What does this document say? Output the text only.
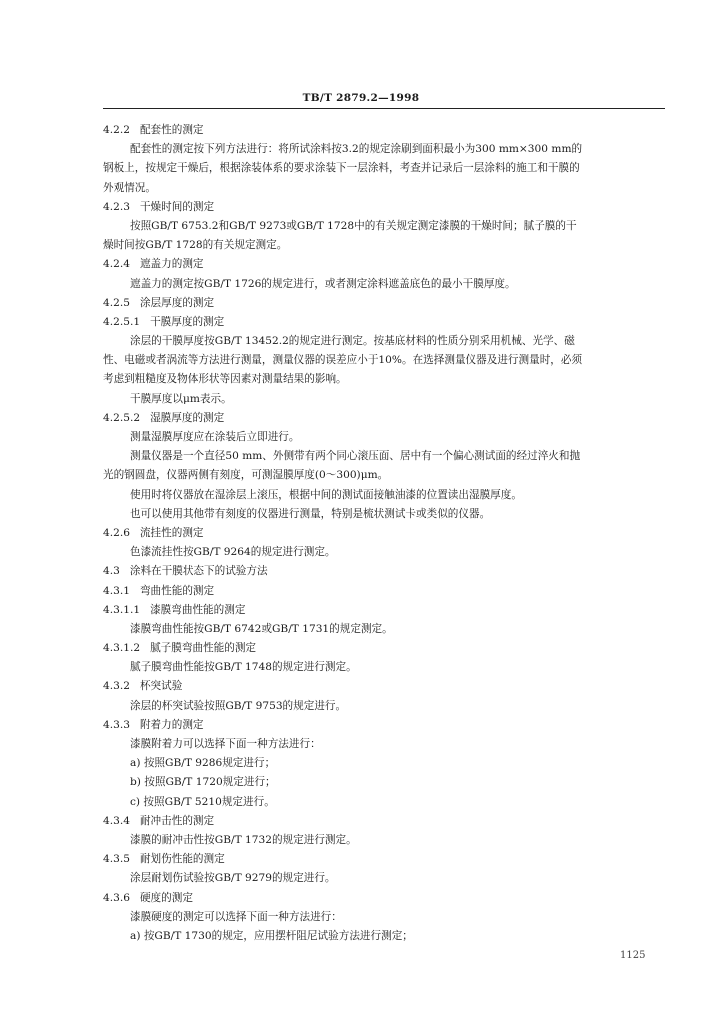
TB/T 2879.2—1998
4.2.2 配套性的测定
配套性的测定按下列方法进行：将所试涂料按3.2的规定涂刷到面积最小为300 mm×300 mm的
钢板上，按规定干燥后，根据涂装体系的要求涂装下一层涂料，考查并记录后一层涂料的施工和干膜的
外观情况。
4.2.3 干燥时间的测定
按照GB/T 6753.2和GB/T 9273或GB/T 1728中的有关规定测定漆膜的干燥时间；腻子膜的干
燥时间按GB/T 1728的有关规定测定。
4.2.4 遮盖力的测定
遮盖力的测定按GB/T 1726的规定进行，或者测定涂料遮盖底色的最小干膜厚度。
4.2.5 涂层厚度的测定
4.2.5.1 干膜厚度的测定
涂层的干膜厚度按GB/T 13452.2的规定进行测定。按基底材料的性质分别采用机械、光学、磁
性、电磁或者涡流等方法进行测量，测量仪器的误差应小于10%。在选择测量仪器及进行测量时，必须
考虑到粗糙度及物体形状等因素对测量结果的影响。
干膜厚度以μm表示。
4.2.5.2 湿膜厚度的测定
测量湿膜厚度应在涂装后立即进行。
测量仪器是一个直径50 mm、外侧带有两个同心滚压面、居中有一个偏心测试面的经过淬火和抛
光的钢圆盘，仪器两侧有刻度，可测湿膜厚度(0～300)μm。
使用时将仪器放在湿涂层上滚压，根据中间的测试面接触油漆的位置读出湿膜厚度。
也可以使用其他带有刻度的仪器进行测量，特别是梳状测试卡或类似的仪器。
4.2.6 流挂性的测定
色漆流挂性按GB/T 9264的规定进行测定。
4.3 涂料在干膜状态下的试验方法
4.3.1 弯曲性能的测定
4.3.1.1 漆膜弯曲性能的测定
漆膜弯曲性能按GB/T 6742或GB/T 1731的规定测定。
4.3.1.2 腻子膜弯曲性能的测定
腻子膜弯曲性能按GB/T 1748的规定进行测定。
4.3.2 杯突试验
涂层的杯突试验按照GB/T 9753的规定进行。
4.3.3 附着力的测定
漆膜附着力可以选择下面一种方法进行：
a) 按照GB/T 9286规定进行；
b) 按照GB/T 1720规定进行；
c) 按照GB/T 5210规定进行。
4.3.4 耐冲击性的测定
漆膜的耐冲击性按GB/T 1732的规定进行测定。
4.3.5 耐划伤性能的测定
涂层耐划伤试验按GB/T 9279的规定进行。
4.3.6 硬度的测定
漆膜硬度的测定可以选择下面一种方法进行：
a) 按GB/T 1730的规定，应用摆杆阻尼试验方法进行测定；
1125
